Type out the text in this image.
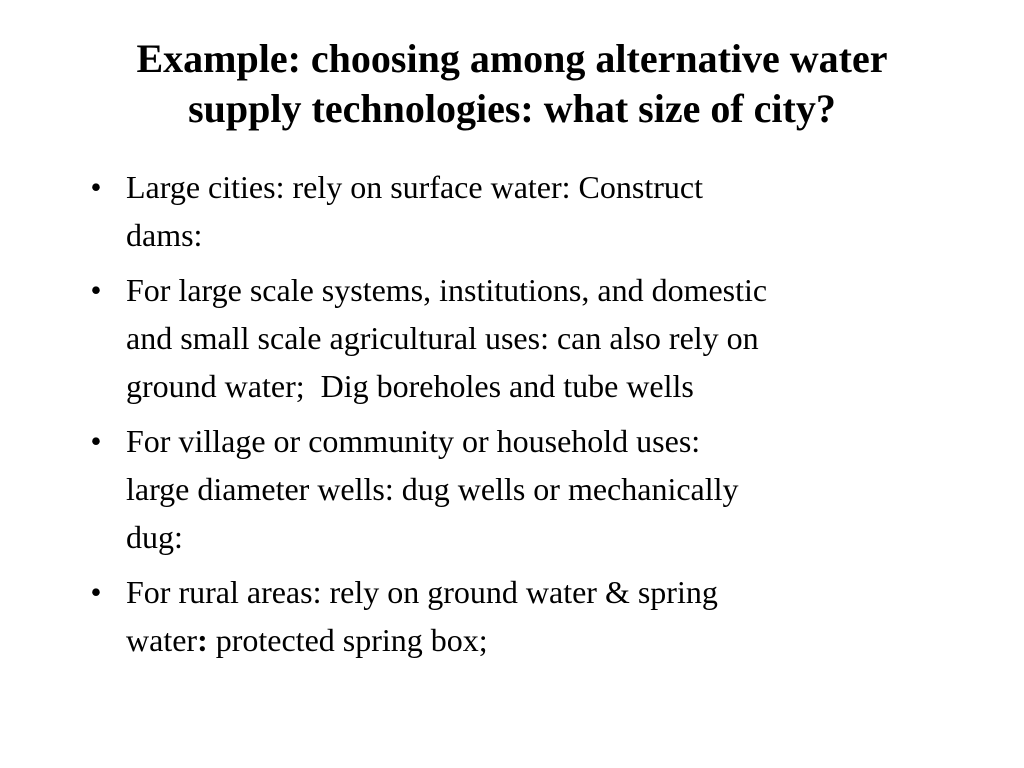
Example: choosing among alternative water
supply technologies: what size of city?
• Large cities: rely on surface water: Construct
dams:
• For large scale systems, institutions, and domestic
and small scale agricultural uses: can also rely on
ground water;  Dig boreholes and tube wells
• For village or community or household uses:
large diameter wells: dug wells or mechanically
dug:
• For rural areas: rely on ground water & spring
water: protected spring box;
